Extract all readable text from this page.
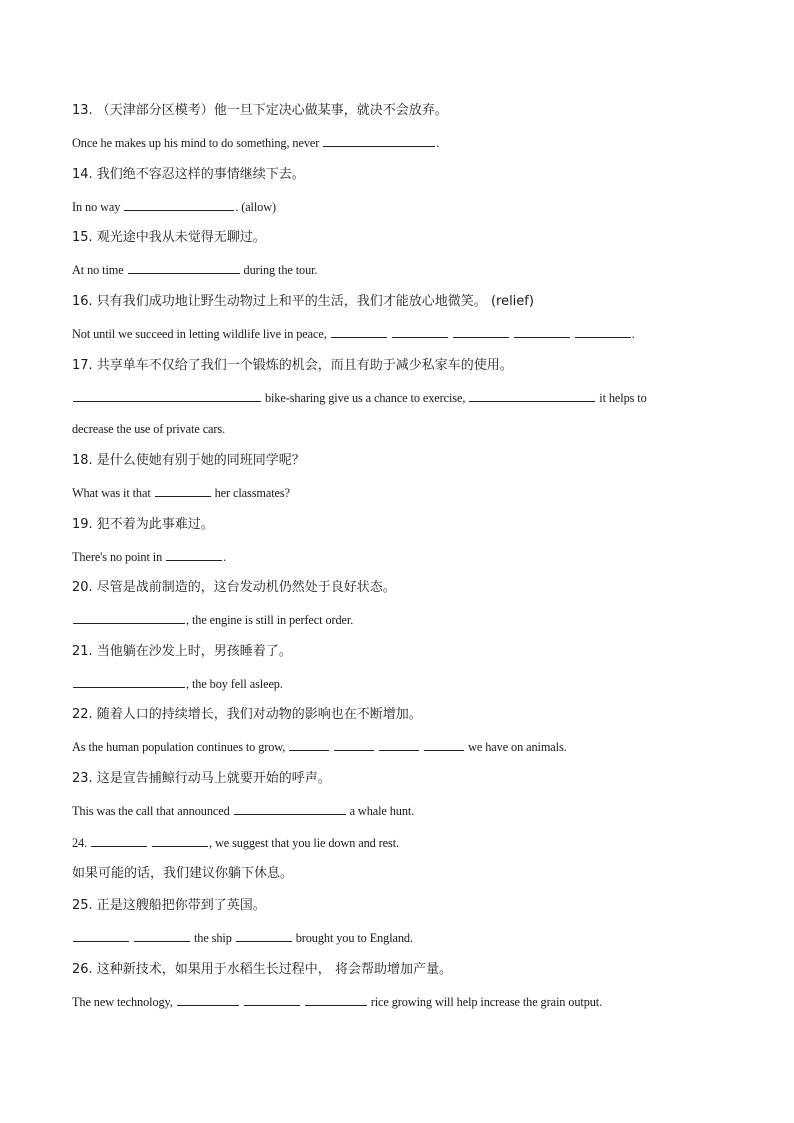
13. （天津部分区模考）他一旦下定决心做某事，就决不会放弃。
Once he makes up his mind to do something, never	.
14. 我们绝不容忍这样的事情继续下去。
In no way	. (allow)
15. 观光途中我从未觉得无聊过。
At no time	during the tour.
16. 只有我们成功地让野生动物过上和平的生活，我们才能放心地微笑。 (relief)
Not until we succeed in letting wildlife live in peace,	.
17. 共享单车不仅给了我们一个锻炼的机会，而且有助于减少私家车的使用。
bike-sharing give us a chance to exercise,	it helps to
decrease the use of private cars.
18. 是什么使她有别于她的同班同学呢？
What was it that	her classmates?
19. 犯不着为此事难过。
There's no point in	.
20. 尽管是战前制造的，这台发动机仍然处于良好状态。
, the engine is still in perfect order.
21. 当他躺在沙发上时，男孩睡着了。
, the boy fell asleep.
22. 随着人口的持续增长，我们对动物的影响也在不断增加。
As the human population continues to grow,	we have on animals.
23. 这是宣告捕鲸行动马上就要开始的呼声。
This was the call that announced	a whale hunt.
24.	, we suggest that you lie down and rest.
如果可能的话，我们建议你躺下休息。
25. 正是这艘船把你带到了英国。
the ship	brought you to England.
26. 这种新技术，如果用于水稻生长过程中， 将会帮助增加产量。
The new technology,	rice growing will help increase the grain output.
